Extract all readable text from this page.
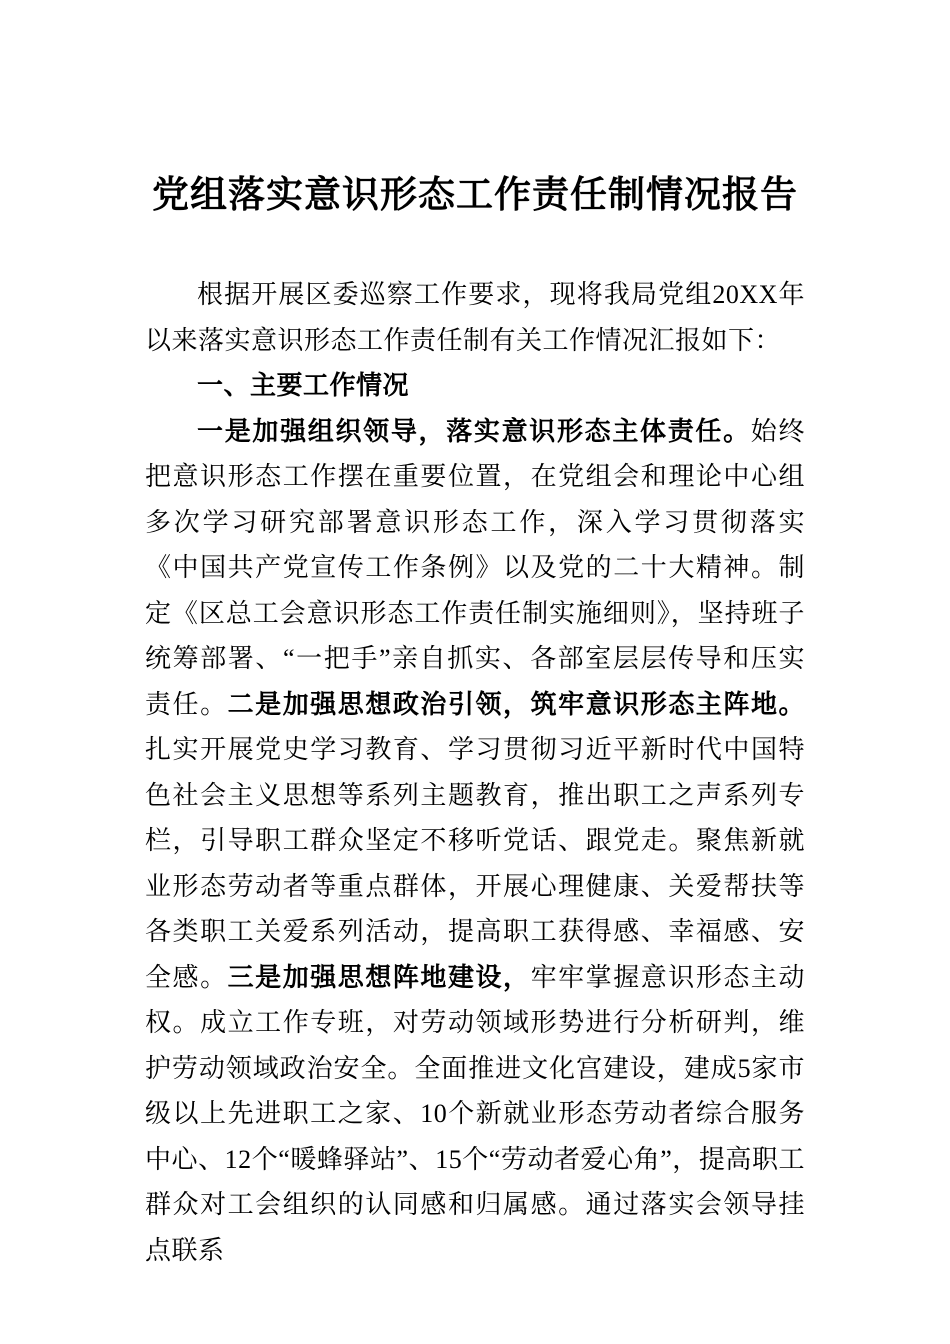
党组落实意识形态工作责任制情况报告

根据开展区委巡察工作要求，现将我局党组20XX年以来落实意识形态工作责任制有关工作情况汇报如下：

一、主要工作情况

一是加强组织领导，落实意识形态主体责任。始终把意识形态工作摆在重要位置，在党组会和理论中心组多次学习研究部署意识形态工作，深入学习贯彻落实《中国共产党宣传工作条例》以及党的二十大精神。制定《区总工会意识形态工作责任制实施细则》，坚持班子统筹部署、“一把手”亲自抓实、各部室层层传导和压实责任。二是加强思想政治引领，筑牢意识形态主阵地。扎实开展党史学习教育、学习贯彻习近平新时代中国特色社会主义思想等系列主题教育，推出职工之声系列专栏，引导职工群众坚定不移听党话、跟党走。聚焦新就业形态劳动者等重点群体，开展心理健康、关爱帮扶等各类职工关爱系列活动，提高职工获得感、幸福感、安全感。三是加强思想阵地建设，牢牢掌握意识形态主动权。成立工作专班，对劳动领域形势进行分析研判，维护劳动领域政治安全。全面推进文化宫建设，建成5家市级以上先进职工之家、10个新就业形态劳动者综合服务中心、12个“暖蜂驿站”、15个“劳动者爱心角”，提高职工群众对工会组织的认同感和归属感。通过落实会领导挂点联系
